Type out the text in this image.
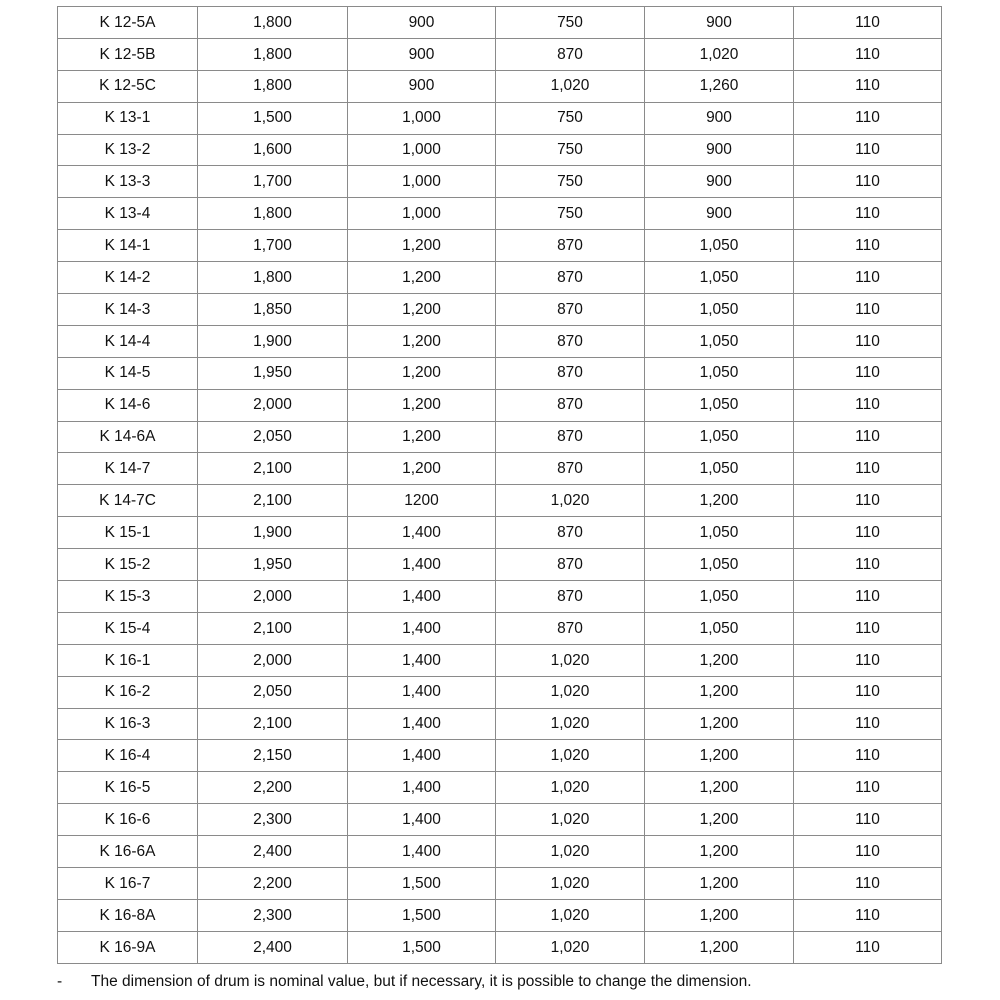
K 12-5A	1,800	900	750	900	110
K 12-5B	1,800	900	870	1,020	110
K 12-5C	1,800	900	1,020	1,260	110
K 13-1	1,500	1,000	750	900	110
K 13-2	1,600	1,000	750	900	110
K 13-3	1,700	1,000	750	900	110
K 13-4	1,800	1,000	750	900	110
K 14-1	1,700	1,200	870	1,050	110
K 14-2	1,800	1,200	870	1,050	110
K 14-3	1,850	1,200	870	1,050	110
K 14-4	1,900	1,200	870	1,050	110
K 14-5	1,950	1,200	870	1,050	110
K 14-6	2,000	1,200	870	1,050	110
K 14-6A	2,050	1,200	870	1,050	110
K 14-7	2,100	1,200	870	1,050	110
K 14-7C	2,100	1200	1,020	1,200	110
K 15-1	1,900	1,400	870	1,050	110
K 15-2	1,950	1,400	870	1,050	110
K 15-3	2,000	1,400	870	1,050	110
K 15-4	2,100	1,400	870	1,050	110
K 16-1	2,000	1,400	1,020	1,200	110
K 16-2	2,050	1,400	1,020	1,200	110
K 16-3	2,100	1,400	1,020	1,200	110
K 16-4	2,150	1,400	1,020	1,200	110
K 16-5	2,200	1,400	1,020	1,200	110
K 16-6	2,300	1,400	1,020	1,200	110
K 16-6A	2,400	1,400	1,020	1,200	110
K 16-7	2,200	1,500	1,020	1,200	110
K 16-8A	2,300	1,500	1,020	1,200	110
K 16-9A	2,400	1,500	1,020	1,200	110
-	The dimension of drum is nominal value, but if necessary, it is possible to change the dimension.
